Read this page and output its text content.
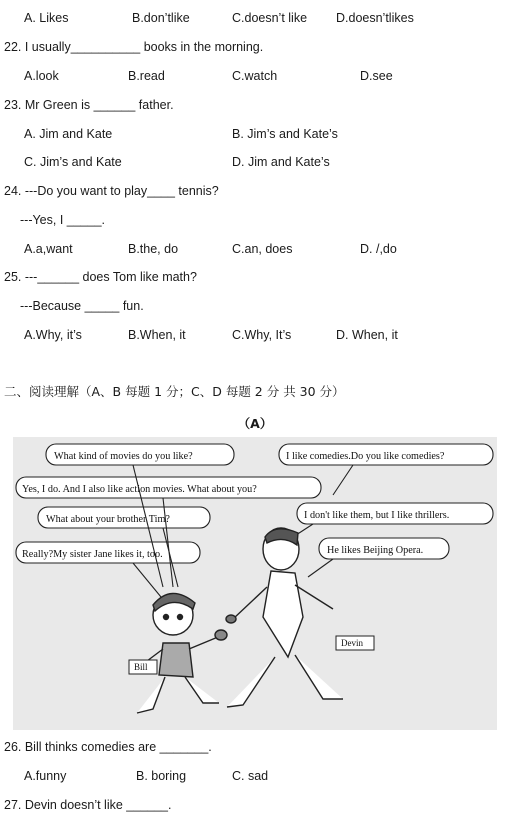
A. Likes	B.don’tlike	C.doesn’t like D.doesn’tlikes
22. I usually__________ books in the morning.
A.look	B.read	C.watch	D.see
23. Mr Green is ______ father.
A. Jim and Kate	B. Jim’s and Kate’s
C. Jim’s and Kate	D. Jim and Kate’s
24. ---Do you want to play____ tennis?
---Yes, I _____.
A.a,want	B.the, do	C.an, does	D. /,do
25. ---______ does Tom like math?
---Because _____ fun.
A.Why, it’s	B.When, it	C.Why, It’s	D. When, it
二、阅读理解（A、B 每题 1 分；C、D 每题 2 分 共 30 分）
（A）
What kind of movies do you like?	I like comedies.Do you like comedies?
Yes, I do. And I also like action movies. What about you?
What about your brother Tim?	I don't like them, but I like thrillers.
He likes Beijing Opera.
Really?My sister Jane likes it, too.
Bill
Devin
26. Bill thinks comedies are _______.
A.funny	B. boring	C. sad
27. Devin doesn’t like ______.
